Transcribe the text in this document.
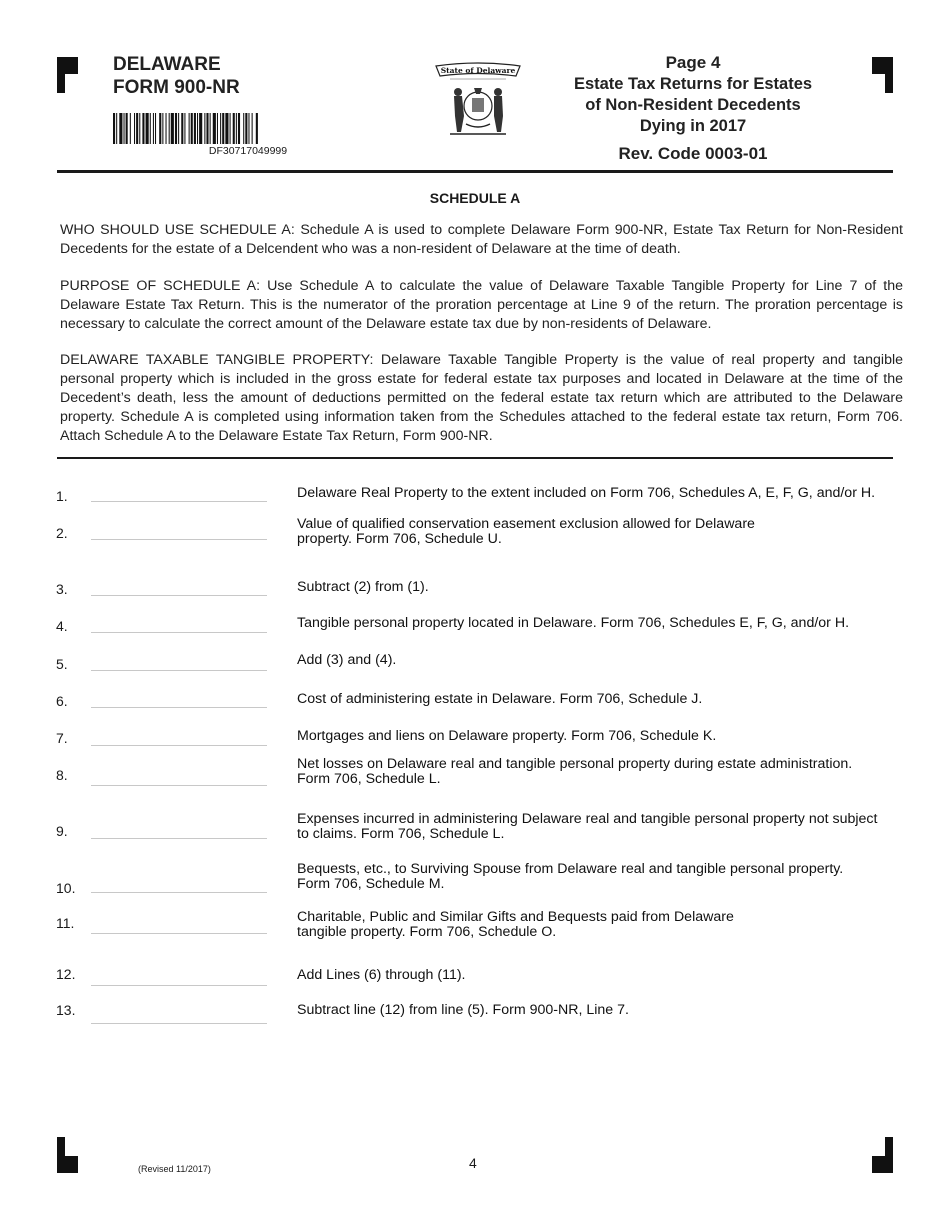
DELAWARE
FORM 900-NR
DF30717049999
State of Delaware	Page 4
Estate Tax Returns for Estates
of Non-Resident Decedents
Dying in 2017
Rev. Code 0003-01
SCHEDULE A
WHO SHOULD USE SCHEDULE A: Schedule A is used to complete Delaware Form 900-NR, Estate Tax Return for Non-Resident Decedents for the estate of a Delcendent who was a non-resident of Delaware at the time of death.
PURPOSE OF SCHEDULE A: Use Schedule A to calculate the value of Delaware Taxable Tangible Property for Line 7 of the Delaware Estate Tax Return. This is the numerator of the proration percentage at Line 9 of the return. The proration percentage is necessary to calculate the correct amount of the Delaware estate tax due by non-residents of Delaware.
DELAWARE TAXABLE TANGIBLE PROPERTY: Delaware Taxable Tangible Property is the value of real property and tangible personal property which is included in the gross estate for federal estate tax purposes and located in Delaware at the time of the Decedent’s death, less the amount of deductions permitted on the federal estate tax return which are attributed to the Delaware property. Schedule A is completed using information taken from the Schedules attached to the federal estate tax return, Form 706. Attach Schedule A to the Delaware Estate Tax Return, Form 900-NR.
1.	Delaware Real Property to the extent included on Form 706, Schedules A, E, F, G, and/or H.
2.
Value of qualified conservation easement exclusion allowed for Delaware
property. Form 706, Schedule U.
3.	Subtract (2) from (1).
4.	Tangible personal property located in Delaware. Form 706, Schedules E, F, G, and/or H.
5.	Add (3) and (4).
6.	Cost of administering estate in Delaware. Form 706, Schedule J.
7.	Mortgages and liens on Delaware property. Form 706, Schedule K.
8.
Net losses on Delaware real and tangible personal property during estate administration.
Form 706, Schedule L.
9.
Expenses incurred in administering Delaware real and tangible personal property not subject
to claims. Form 706, Schedule L.
10.
Bequests, etc., to Surviving Spouse from Delaware real and tangible personal property.
Form 706, Schedule M.
11.	Charitable, Public and Similar Gifts and Bequests paid from Delaware
tangible property. Form 706, Schedule O.
12.	Add Lines (6) through (11).
13.	Subtract line (12) from line (5). Form 900-NR, Line 7.
(Revised 11/2017)	4
